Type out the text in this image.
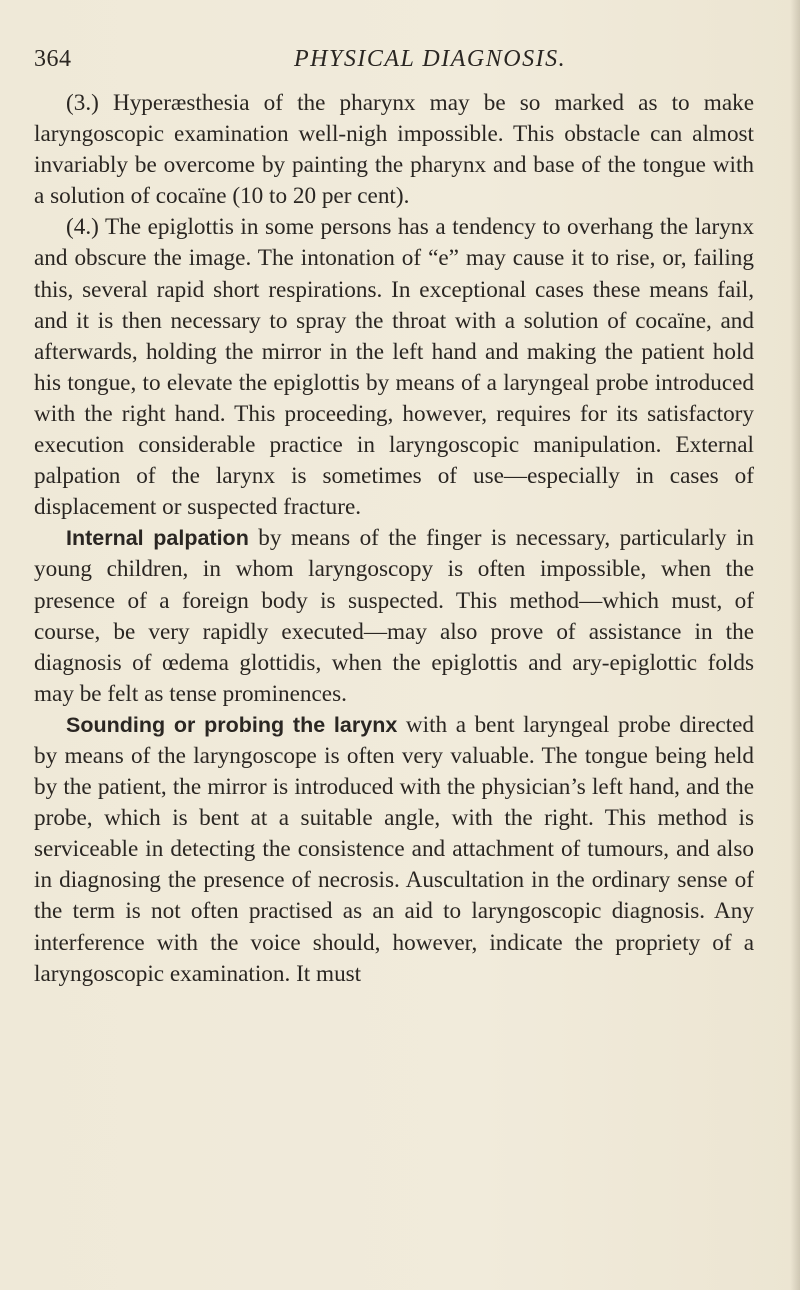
364	PHYSICAL DIAGNOSIS.

(3.) Hyperæsthesia of the pharynx may be so marked as to make laryngoscopic examination well-nigh impossible. This obstacle can almost invariably be overcome by painting the pharynx and base of the tongue with a solution of cocaïne (10 to 20 per cent).

(4.) The epiglottis in some persons has a tendency to overhang the larynx and obscure the image. The intonation of “e” may cause it to rise, or, failing this, several rapid short respirations. In exceptional cases these means fail, and it is then necessary to spray the throat with a solution of cocaïne, and afterwards, holding the mirror in the left hand and making the patient hold his tongue, to elevate the epiglottis by means of a laryngeal probe introduced with the right hand. This proceeding, however, requires for its satisfactory execution considerable practice in laryngoscopic manipulation. External palpation of the larynx is sometimes of use—especially in cases of displacement or suspected fracture.

Internal palpation by means of the finger is necessary, particularly in young children, in whom laryngoscopy is often impossible, when the presence of a foreign body is suspected. This method—which must, of course, be very rapidly executed—may also prove of assistance in the diagnosis of œdema glottidis, when the epiglottis and ary-epiglottic folds may be felt as tense prominences.

Sounding or probing the larynx with a bent laryngeal probe directed by means of the laryngoscope is often very valuable. The tongue being held by the patient, the mirror is introduced with the physician’s left hand, and the probe, which is bent at a suitable angle, with the right. This method is serviceable in detecting the consistence and attachment of tumours, and also in diagnosing the presence of necrosis. Auscultation in the ordinary sense of the term is not often practised as an aid to laryngoscopic diagnosis. Any interference with the voice should, however, indicate the propriety of a laryngoscopic examination. It must
